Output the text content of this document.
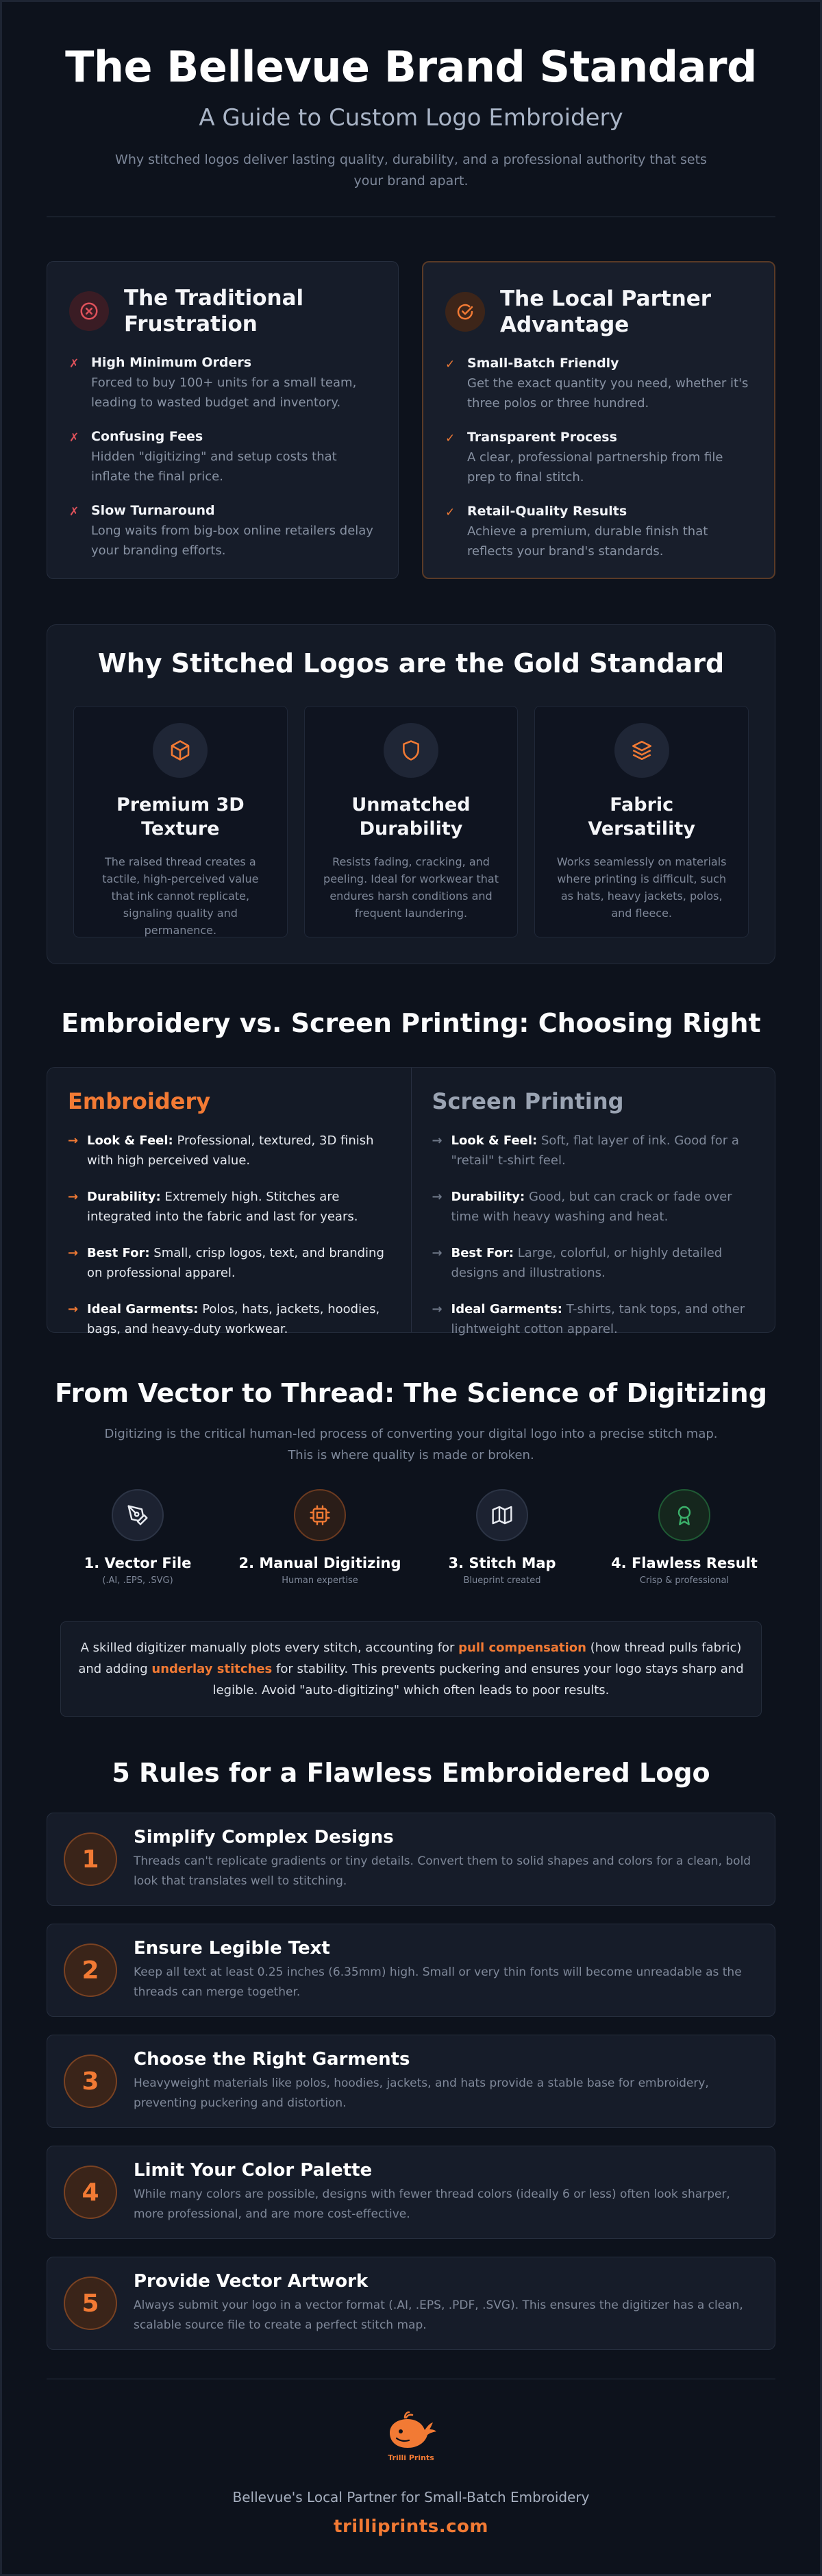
The Bellevue Brand Standard
A Guide to Custom Logo Embroidery

Why stitched logos deliver lasting quality, durability, and a professional authority that sets your brand apart.

The Traditional Frustration
✗ High Minimum Orders
Forced to buy 100+ units for a small team, leading to wasted budget and inventory.
✗ Confusing Fees
Hidden "digitizing" and setup costs that inflate the final price.
✗ Slow Turnaround
Long waits from big-box online retailers delay your branding efforts.
The Local Partner Advantage
✓ Small-Batch Friendly
Get the exact quantity you need, whether it's three polos or three hundred.
✓ Transparent Process
A clear, professional partnership from file prep to final stitch.
✓ Retail-Quality Results
Achieve a premium, durable finish that reflects your brand's standards.
Why Stitched Logos are the Gold Standard
Premium 3D Texture

The raised thread creates a tactile, high-perceived value that ink cannot replicate, signaling quality and permanence.

Unmatched Durability

Resists fading, cracking, and peeling. Ideal for workwear that endures harsh conditions and frequent laundering.

Fabric Versatility

Works seamlessly on materials where printing is difficult, such as hats, heavy jackets, polos, and fleece.

Embroidery vs. Screen Printing: Choosing Right
Embroidery
→ Look & Feel: Professional, textured, 3D finish with high perceived value.
→ Durability: Extremely high. Stitches are integrated into the fabric and last for years.
→ Best For: Small, crisp logos, text, and branding on professional apparel.
→ Ideal Garments: Polos, hats, jackets, hoodies, bags, and heavy-duty workwear.
Screen Printing
→ Look & Feel: Soft, flat layer of ink. Good for a "retail" t-shirt feel.
→ Durability: Good, but can crack or fade over time with heavy washing and heat.
→ Best For: Large, colorful, or highly detailed designs and illustrations.
→ Ideal Garments: T-shirts, tank tops, and other lightweight cotton apparel.
From Vector to Thread: The Science of Digitizing
Digitizing is the critical human-led process of converting your digital logo into a precise stitch map.
This is where quality is made or broken.
1. Vector File
(.AI, .EPS, .SVG)
2. Manual Digitizing
Human expertise
3. Stitch Map
Blueprint created
4. Flawless Result
Crisp & professional
A skilled digitizer manually plots every stitch, accounting for pull compensation (how thread pulls fabric) and adding underlay stitches for stability. This prevents puckering and ensures your logo stays sharp and legible. Avoid "auto-digitizing" which often leads to poor results.
5 Rules for a Flawless Embroidered Logo
1
Simplify Complex Designs

Threads can't replicate gradients or tiny details. Convert them to solid shapes and colors for a clean, bold look that translates well to stitching.

2
Ensure Legible Text

Keep all text at least 0.25 inches (6.35mm) high. Small or very thin fonts will become unreadable as the threads can merge together.

3
Choose the Right Garments

Heavyweight materials like polos, hoodies, jackets, and hats provide a stable base for embroidery, preventing puckering and distortion.

4
Limit Your Color Palette

While many colors are possible, designs with fewer thread colors (ideally 6 or less) often look sharper, more professional, and are more cost-effective.

5
Provide Vector Artwork

Always submit your logo in a vector format (.AI, .EPS, .PDF, .SVG). This ensures the digitizer has a clean, scalable source file to create a perfect stitch map.

Trilli Prints
Bellevue's Local Partner for Small-Batch Embroidery
trilliprints.com
